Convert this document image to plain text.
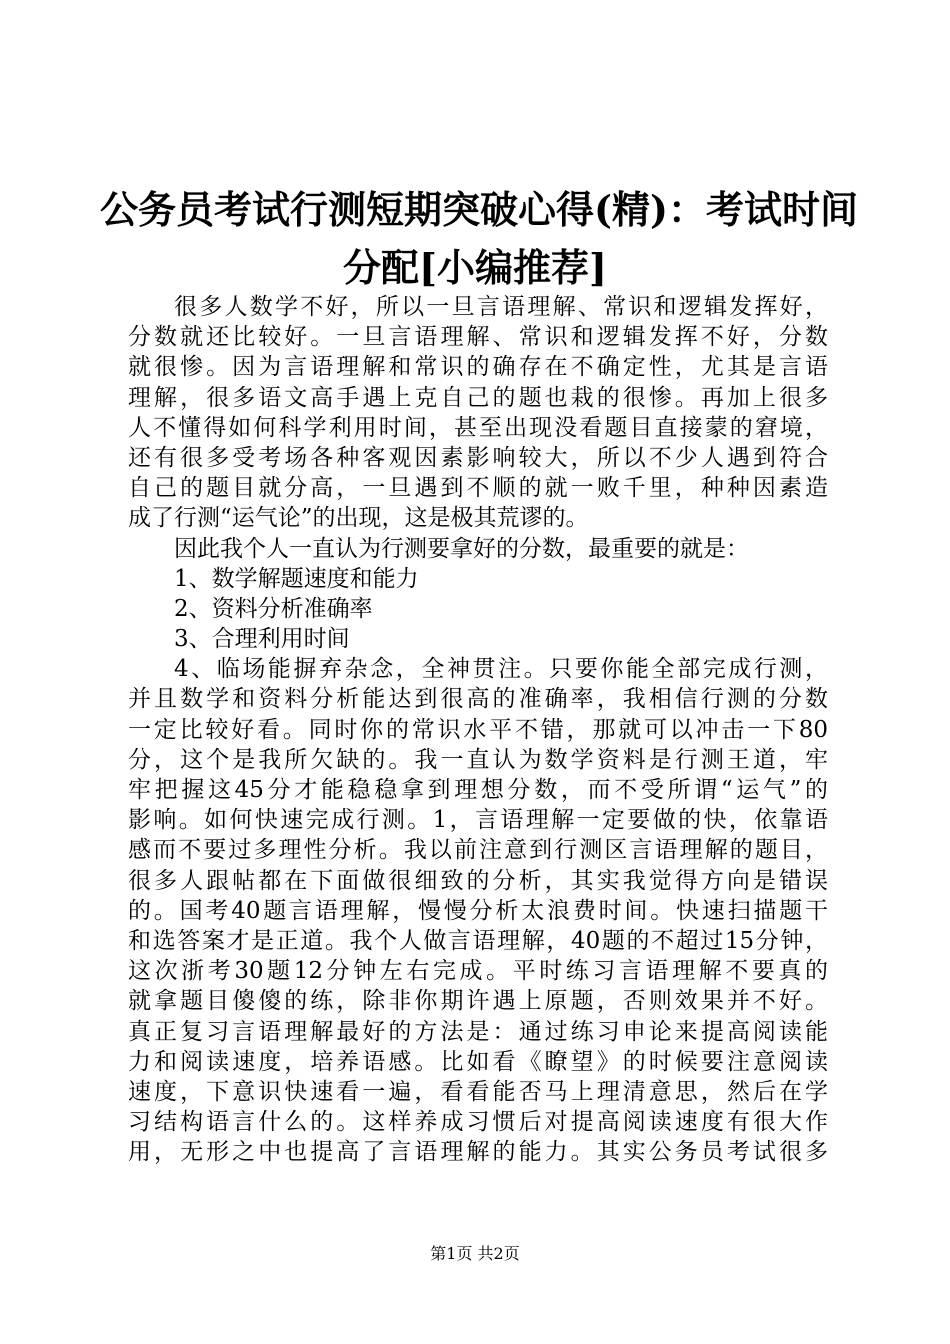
公务员考试行测短期突破心得(精)：考试时间
分配[小编推荐]
很多人数学不好，所以一旦言语理解、常识和逻辑发挥好，
分数就还比较好。一旦言语理解、常识和逻辑发挥不好，分数
就很惨。因为言语理解和常识的确存在不确定性，尤其是言语
理解，很多语文高手遇上克自己的题也栽的很惨。再加上很多
人不懂得如何科学利用时间，甚至出现没看题目直接蒙的窘境，
还有很多受考场各种客观因素影响较大，所以不少人遇到符合
自己的题目就分高，一旦遇到不顺的就一败千里，种种因素造
成了行测“运气论”的出现，这是极其荒谬的。
因此我个人一直认为行测要拿好的分数，最重要的就是：
1、数学解题速度和能力
2、资料分析准确率
3、合理利用时间
4、临场能摒弃杂念，全神贯注。只要你能全部完成行测，
并且数学和资料分析能达到很高的准确率，我相信行测的分数
一定比较好看。同时你的常识水平不错，那就可以冲击一下80
分，这个是我所欠缺的。我一直认为数学资料是行测王道，牢
牢把握这45分才能稳稳拿到理想分数，而不受所谓“运气”的
影响。如何快速完成行测。1，言语理解一定要做的快，依靠语
感而不要过多理性分析。我以前注意到行测区言语理解的题目，
很多人跟帖都在下面做很细致的分析，其实我觉得方向是错误
的。国考40题言语理解，慢慢分析太浪费时间。快速扫描题干
和选答案才是正道。我个人做言语理解，40题的不超过15分钟，
这次浙考30题12分钟左右完成。平时练习言语理解不要真的
就拿题目傻傻的练，除非你期许遇上原题，否则效果并不好。
真正复习言语理解最好的方法是：通过练习申论来提高阅读能
力和阅读速度，培养语感。比如看《瞭望》的时候要注意阅读
速度，下意识快速看一遍，看看能否马上理清意思，然后在学
习结构语言什么的。这样养成习惯后对提高阅读速度有很大作
用，无形之中也提高了言语理解的能力。其实公务员考试很多
第1页 共2页
